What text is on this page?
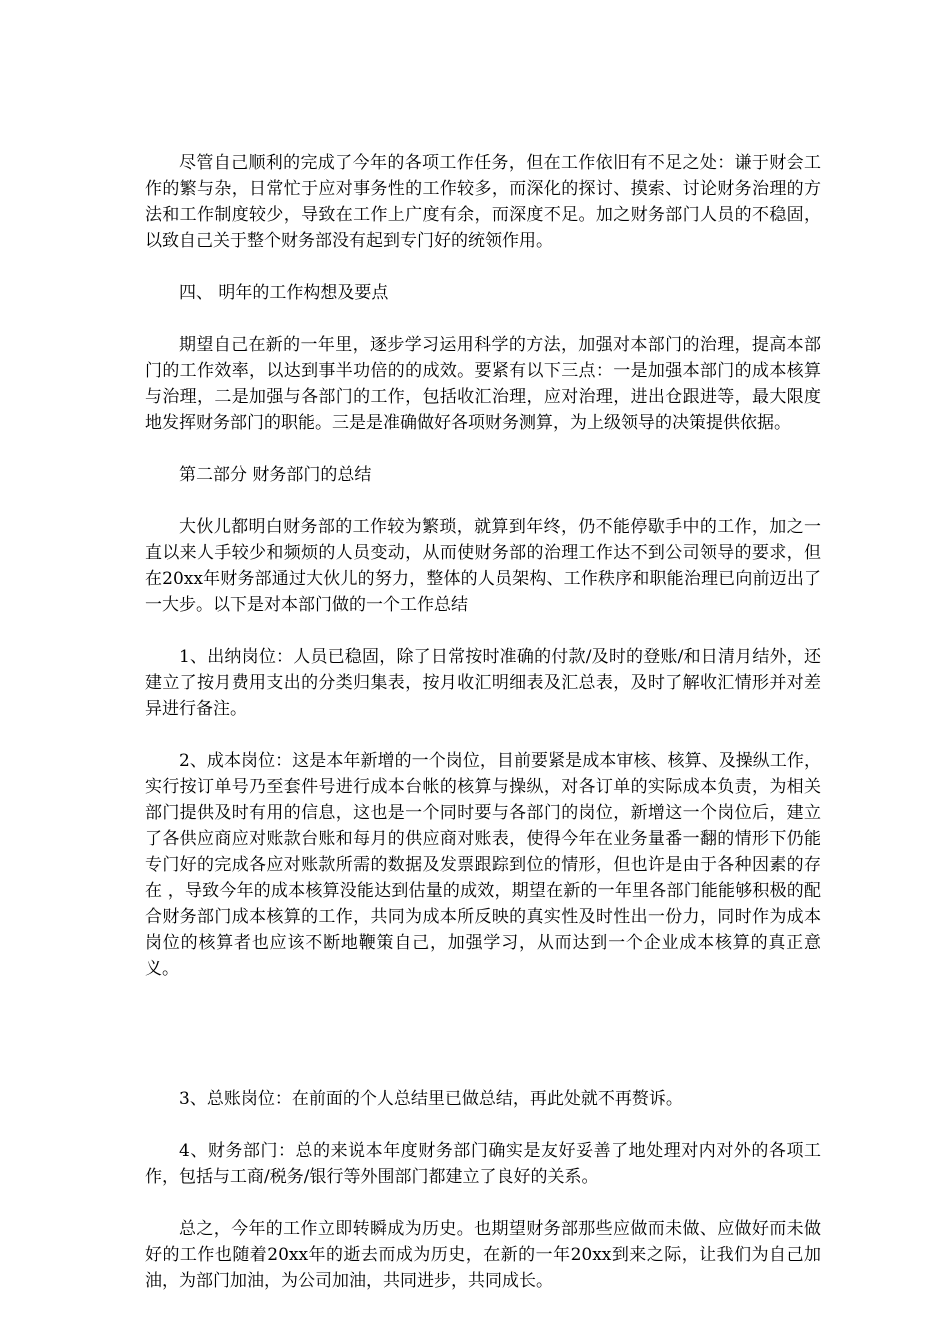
尽管自己顺利的完成了今年的各项工作任务，但在工作依旧有不足之处：谦于财会工作的繁与杂，日常忙于应对事务性的工作较多，而深化的探讨、摸索、讨论财务治理的方法和工作制度较少，导致在工作上广度有余，而深度不足。加之财务部门人员的不稳固，以致自己关于整个财务部没有起到专门好的统领作用。

四、 明年的工作构想及要点

期望自己在新的一年里，逐步学习运用科学的方法，加强对本部门的治理，提高本部门的工作效率，以达到事半功倍的的成效。要紧有以下三点：一是加强本部门的成本核算与治理，二是加强与各部门的工作，包括收汇治理，应对治理，进出仓跟进等，最大限度地发挥财务部门的职能。三是是准确做好各项财务测算，为上级领导的决策提供依据。

第二部分 财务部门的总结

大伙儿都明白财务部的工作较为繁琐，就算到年终，仍不能停歇手中的工作，加之一直以来人手较少和频烦的人员变动，从而使财务部的治理工作达不到公司领导的要求，但在20xx年财务部通过大伙儿的努力，整体的人员架构、工作秩序和职能治理已向前迈出了一大步。以下是对本部门做的一个工作总结

1、出纳岗位：人员已稳固，除了日常按时准确的付款/及时的登账/和日清月结外，还建立了按月费用支出的分类归集表，按月收汇明细表及汇总表，及时了解收汇情形并对差异进行备注。

2、成本岗位：这是本年新增的一个岗位，目前要紧是成本审核、核算、及操纵工作，实行按订单号乃至套件号进行成本台帐的核算与操纵，对各订单的实际成本负责，为相关部门提供及时有用的信息，这也是一个同时要与各部门的岗位，新增这一个岗位后，建立了各供应商应对账款台账和每月的供应商对账表，使得今年在业务量番一翻的情形下仍能专门好的完成各应对账款所需的数据及发票跟踪到位的情形，但也许是由于各种因素的存在 ，导致今年的成本核算没能达到估量的成效，期望在新的一年里各部门能能够积极的配合财务部门成本核算的工作，共同为成本所反映的真实性及时性出一份力，同时作为成本岗位的核算者也应该不断地鞭策自己，加强学习，从而达到一个企业成本核算的真正意义。

3、总账岗位：在前面的个人总结里已做总结，再此处就不再赘诉。

4、财务部门：总的来说本年度财务部门确实是友好妥善了地处理对内对外的各项工作，包括与工商/税务/银行等外围部门都建立了良好的关系。

总之，今年的工作立即转瞬成为历史。也期望财务部那些应做而未做、应做好而未做好的工作也随着20xx年的逝去而成为历史，在新的一年20xx到来之际，让我们为自己加油，为部门加油，为公司加油，共同进步，共同成长。
